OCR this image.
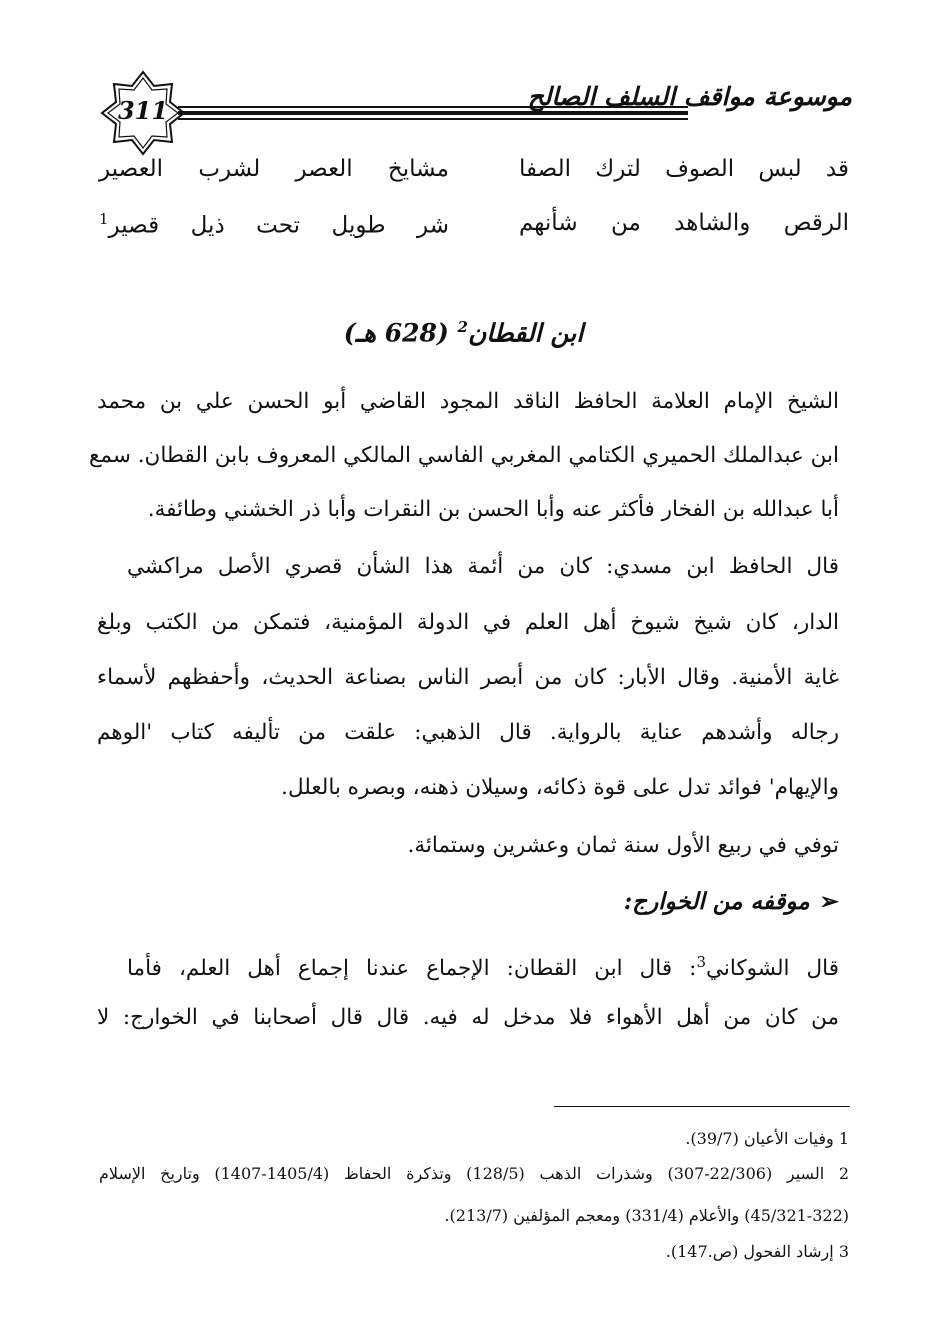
311	موسوعة مواقف السلف الصالح
قد لبس الصوف لترك الصفا
مشايخ العصر لشرب العصير
الرقص والشاهد من شأنهم
شر طويل تحت ذيل قصير$^1$
ابن القطان$^2$ (628 هـ)
الشيخ الإمام العلامة الحافظ الناقد المجود القاضي أبو الحسن علي بن محمد
ابن عبدالملك الحميري الكتامي المغربي الفاسي المالكي المعروف بابن القطان. سمع
أبا عبدالله بن الفخار فأكثر عنه وأبا الحسن بن النقرات وأبا ذر الخشني وطائفة.
قال الحافظ ابن مسدي: كان من أئمة هذا الشأن قصري الأصل مراكشي
الدار، كان شيخ شيوخ أهل العلم في الدولة المؤمنية، فتمكن من الكتب وبلغ
غاية الأمنية. وقال الأبار: كان من أبصر الناس بصناعة الحديث، وأحفظهم لأسماء
رجاله وأشدهم عناية بالرواية. قال الذهبي: علقت من تأليفه كتاب 'الوهم
والإيهام' فوائد تدل على قوة ذكائه، وسيلان ذهنه، وبصره بالعلل.
توفي في ربيع الأول سنة ثمان وعشرين وستمائة.
➢موقفه من الخوارج:
قال الشوكاني$^3$: قال ابن القطان: الإجماع عندنا إجماع أهل العلم، فأما
من كان من أهل الأهواء فلا مدخل له فيه. قال قال أصحابنا في الخوارج: لا
1 وفيات الأعيان (39/7).
2 السير (22/306-307) وشذرات الذهب (128/5) وتذكرة الحفاظ (1405/4-1407) وتاريخ الإسلام
(45/321-322) والأعلام (331/4) ومعجم المؤلفين (213/7).
3 إرشاد الفحول (ص.147).
